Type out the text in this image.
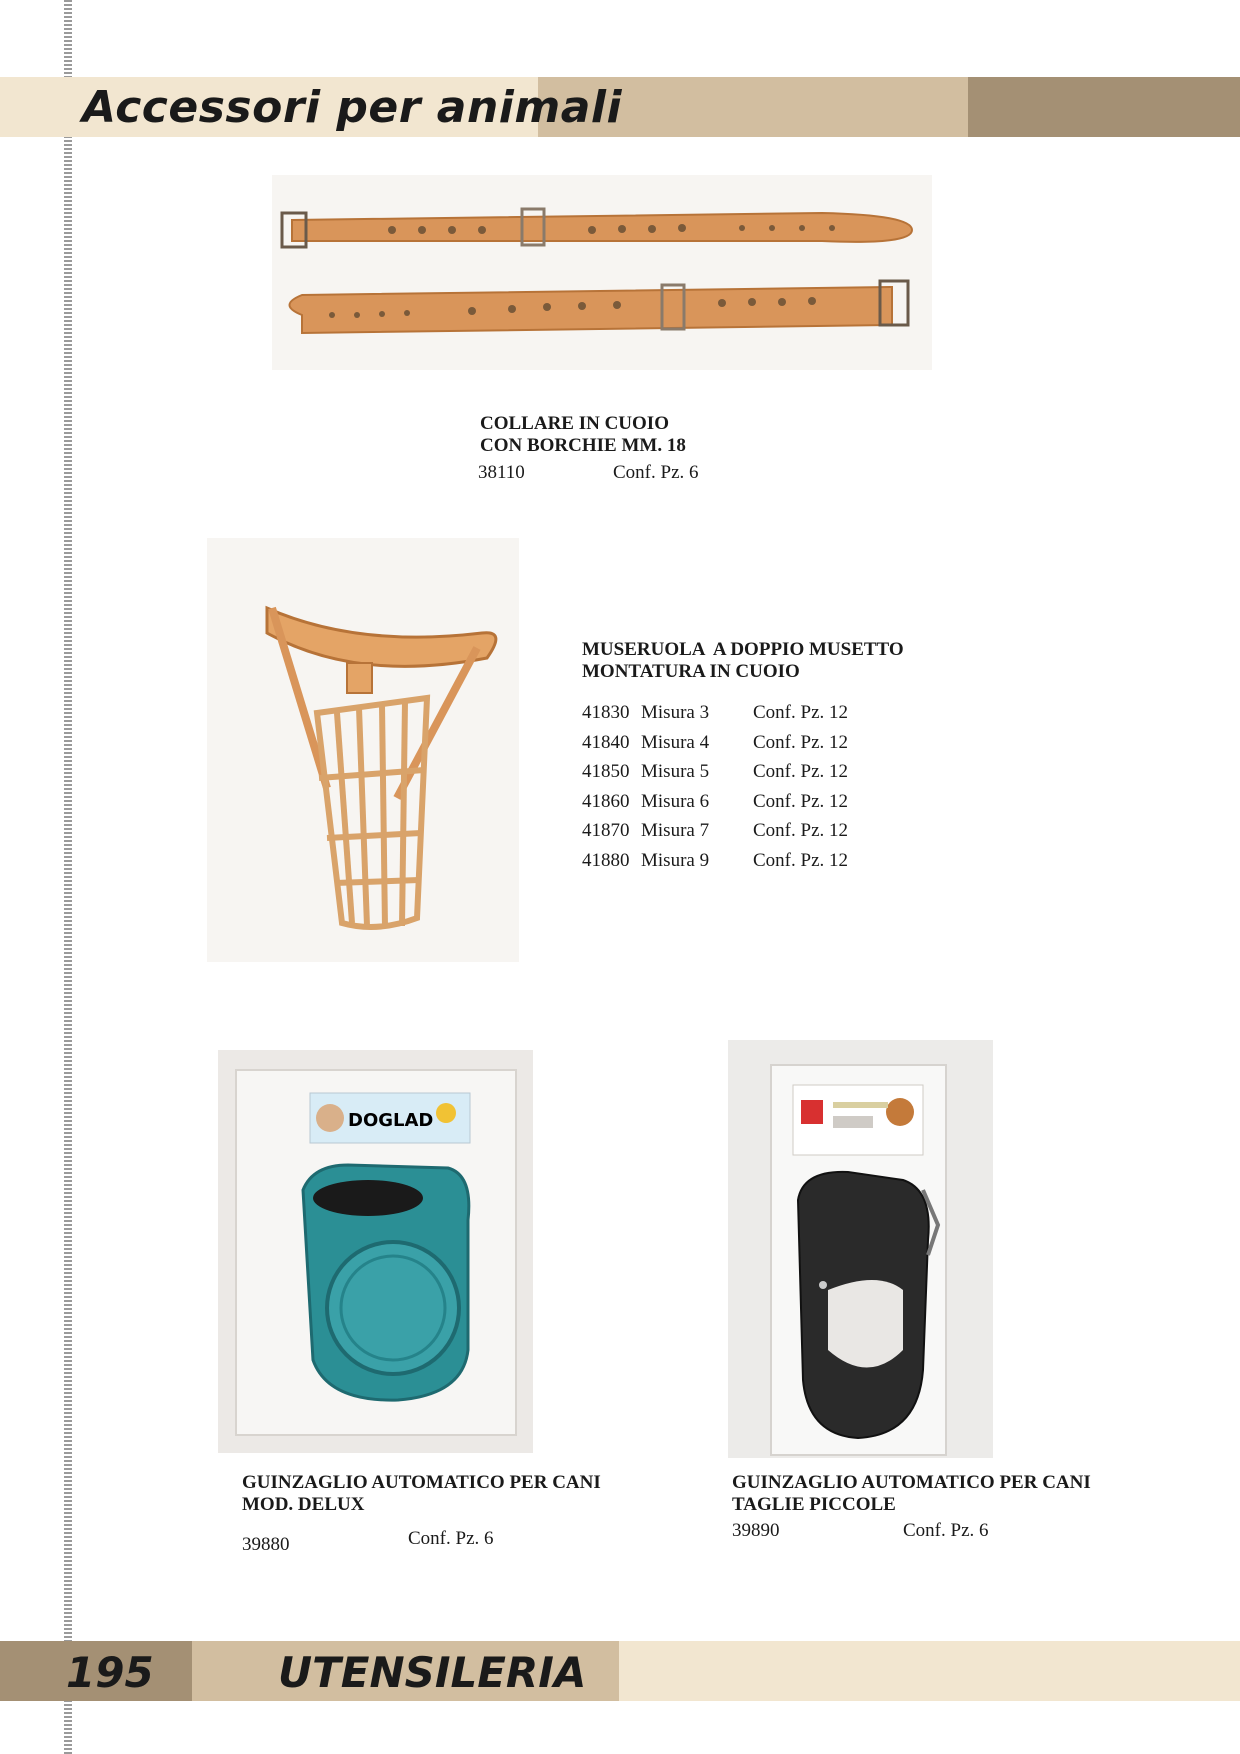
Accessori per animali
COLLARE IN CUOIO
CON BORCHIE MM. 18
38110	Conf. Pz. 6
MUSERUOLA  A DOPPIO MUSETTO
MONTATURA IN CUOIO
41830	Misura 3	Conf. Pz. 12
41840	Misura 4	Conf. Pz. 12
41850	Misura 5	Conf. Pz. 12
41860	Misura 6	Conf. Pz. 12
41870	Misura 7	Conf. Pz. 12
41880	Misura 9	Conf. Pz. 12
DOGLAD
GUINZAGLIO AUTOMATICO PER CANI
MOD. DELUX
39880	Conf. Pz. 6
GUINZAGLIO AUTOMATICO PER CANI
TAGLIE PICCOLE
39890	Conf. Pz. 6
195	UTENSILERIA
